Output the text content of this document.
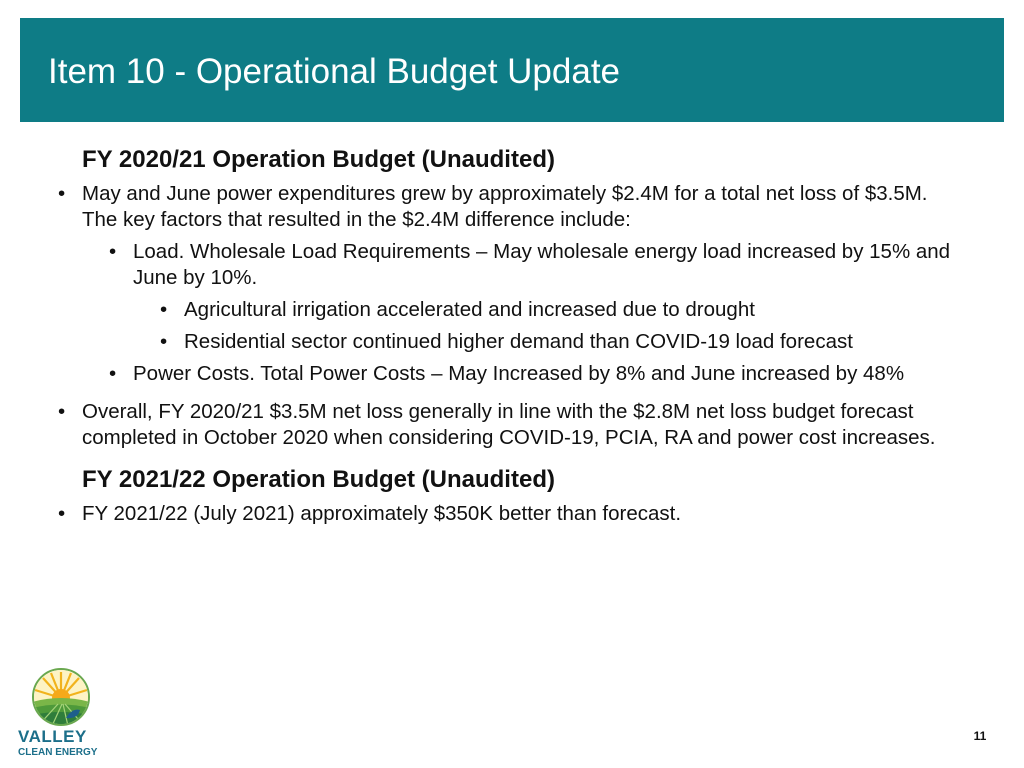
Item 10 - Operational Budget Update
FY 2020/21 Operation Budget (Unaudited)
• May and June power expenditures grew by approximately $2.4M for a total net loss of $3.5M. The key factors that resulted in the $2.4M difference include:
• Load. Wholesale Load Requirements – May wholesale energy load increased by 15% and June by 10%.
• Agricultural irrigation accelerated and increased due to drought
• Residential sector continued higher demand than COVID-19 load forecast
• Power Costs. Total Power Costs – May Increased by 8% and June increased by 48%
• Overall, FY 2020/21 $3.5M net loss generally in line with the $2.8M net loss budget forecast completed in October 2020 when considering COVID-19, PCIA, RA and power cost increases.
FY 2021/22 Operation Budget (Unaudited)
• FY 2021/22 (July 2021) approximately $350K better than forecast.
VALLEY
CLEAN ENERGY
11
